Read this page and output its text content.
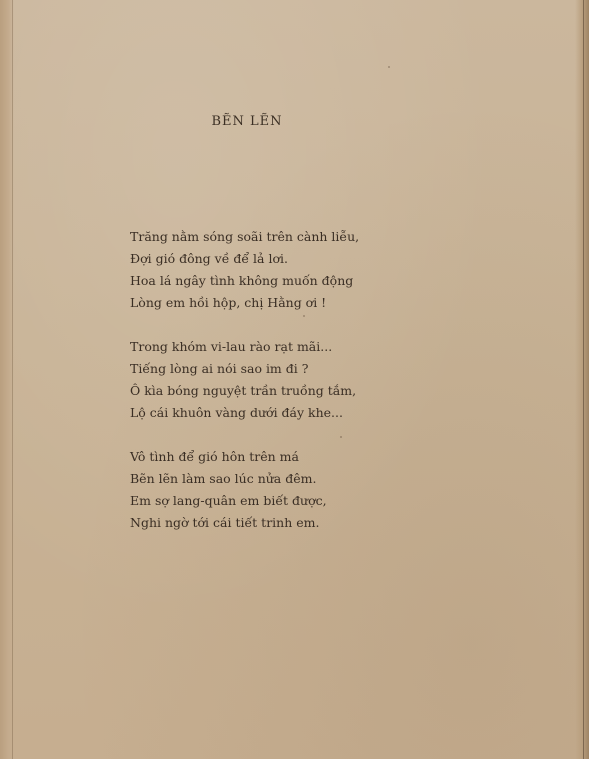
BẼN LẼN
Trăng nằm sóng soãi trên cành liễu,
Đợi gió đông về để lả lơi.
Hoa lá ngây tình không muốn động
Lòng em hồi hộp, chị Hằng ơi !
Trong khóm vi-lau rào rạt mãi...
Tiếng lòng ai nói sao im đi ?
Ô kìa bóng nguyệt trần truồng tắm,
Lộ cái khuôn vàng dưới đáy khe...
Vô tình để gió hôn trên má
Bẽn lẽn làm sao lúc nửa đêm.
Em sợ lang-quân em biết được,
Nghi ngờ tới cái tiết trinh em.
